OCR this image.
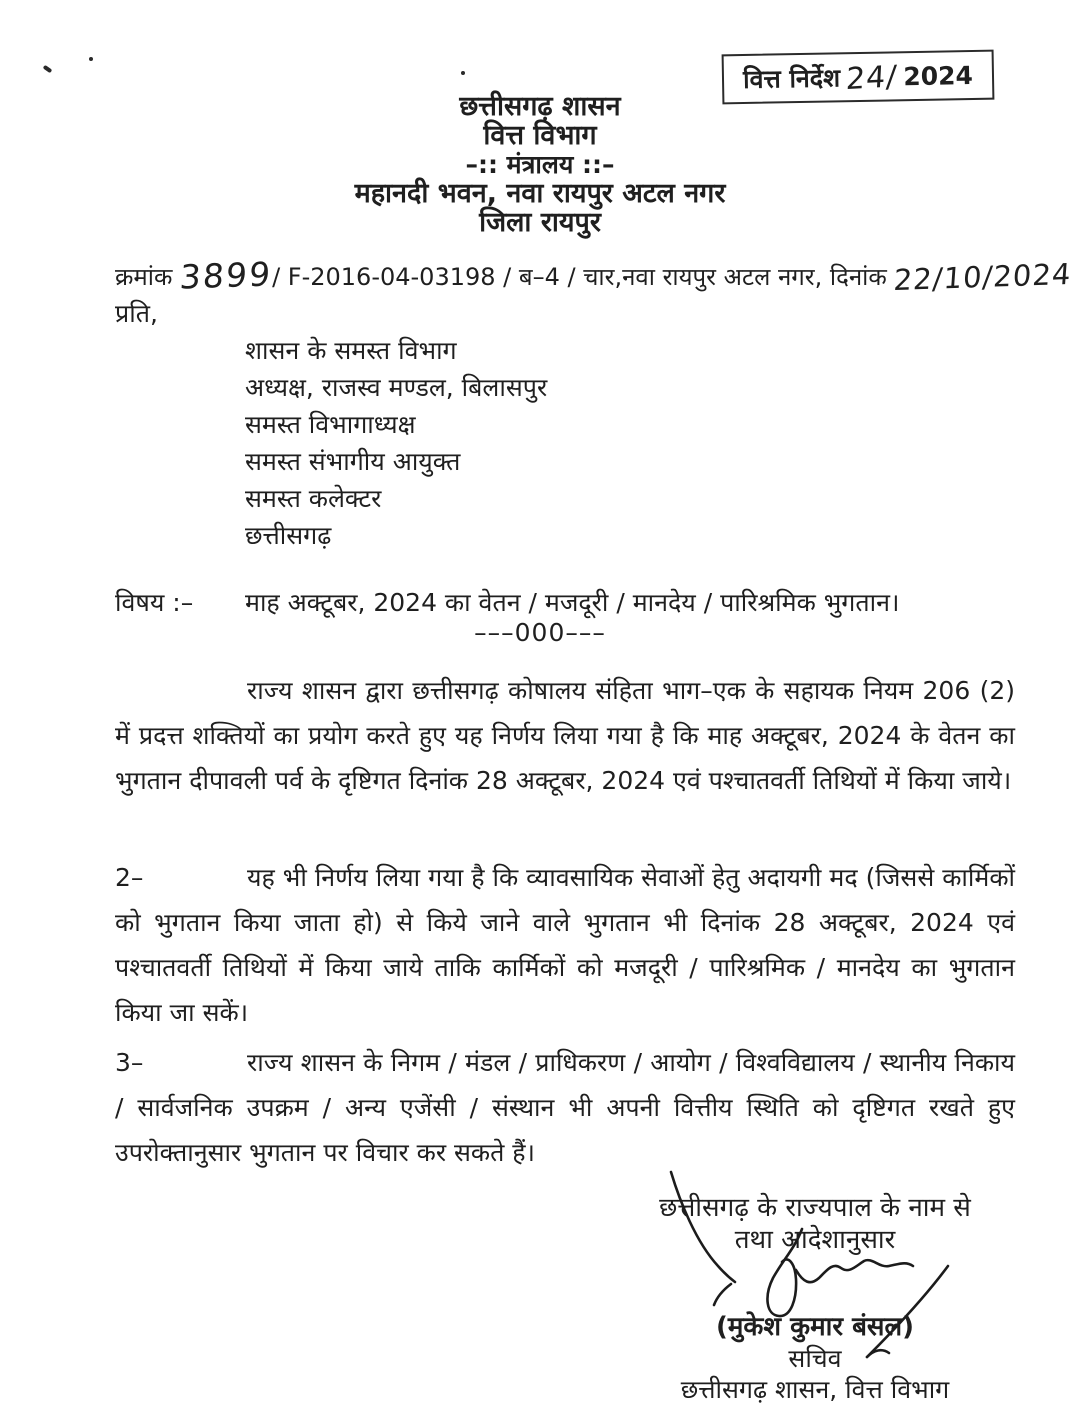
वित्त निर्देश 24/ 2024
छत्तीसगढ़ शासन
वित्त विभाग
–:: मंत्रालय ::–
महानदी भवन, नवा रायपुर अटल नगर
जिला रायपुर
क्रमांक 3899/ F-2016-04-03198 / ब–4 / चार, नवा रायपुर अटल नगर, दिनांक 22/10/2024
प्रति,
शासन के समस्त विभाग
अध्यक्ष, राजस्व मण्डल, बिलासपुर
समस्त विभागाध्यक्ष
समस्त संभागीय आयुक्त
समस्त कलेक्टर
छत्तीसगढ़
विषय :– माह अक्टूबर, 2024 का वेतन / मजदूरी / मानदेय / पारिश्रमिक भुगतान।
–––000–––

राज्य शासन द्वारा छत्तीसगढ़ कोषालय संहिता भाग–एक के सहायक नियम 206 (2) में प्रदत्त शक्तियों का प्रयोग करते हुए यह निर्णय लिया गया है कि माह अक्टूबर, 2024 के वेतन का भुगतान दीपावली पर्व के दृष्टिगत दिनांक 28 अक्टूबर, 2024 एवं पश्चातवर्ती तिथियों में किया जाये।

2–	यह भी निर्णय लिया गया है कि व्यावसायिक सेवाओं हेतु अदायगी मद (जिससे कार्मिकों को भुगतान किया जाता हो) से किये जाने वाले भुगतान भी दिनांक 28 अक्टूबर, 2024 एवं पश्चातवर्ती तिथियों में किया जाये ताकि कार्मिकों को मजदूरी / पारिश्रमिक / मानदेय का भुगतान किया जा सकें।

3–	राज्य शासन के निगम / मंडल / प्राधिकरण / आयोग / विश्वविद्यालय / स्थानीय निकाय / सार्वजनिक उपक्रम / अन्य एजेंसी / संस्थान भी अपनी वित्तीय स्थिति को दृष्टिगत रखते हुए उपरोक्तानुसार भुगतान पर विचार कर सकते हैं।

छत्तीसगढ़ के राज्यपाल के नाम से
तथा आदेशानुसार
(मुकेश कुमार बंसल)
सचिव
छत्तीसगढ़ शासन, वित्त विभाग
